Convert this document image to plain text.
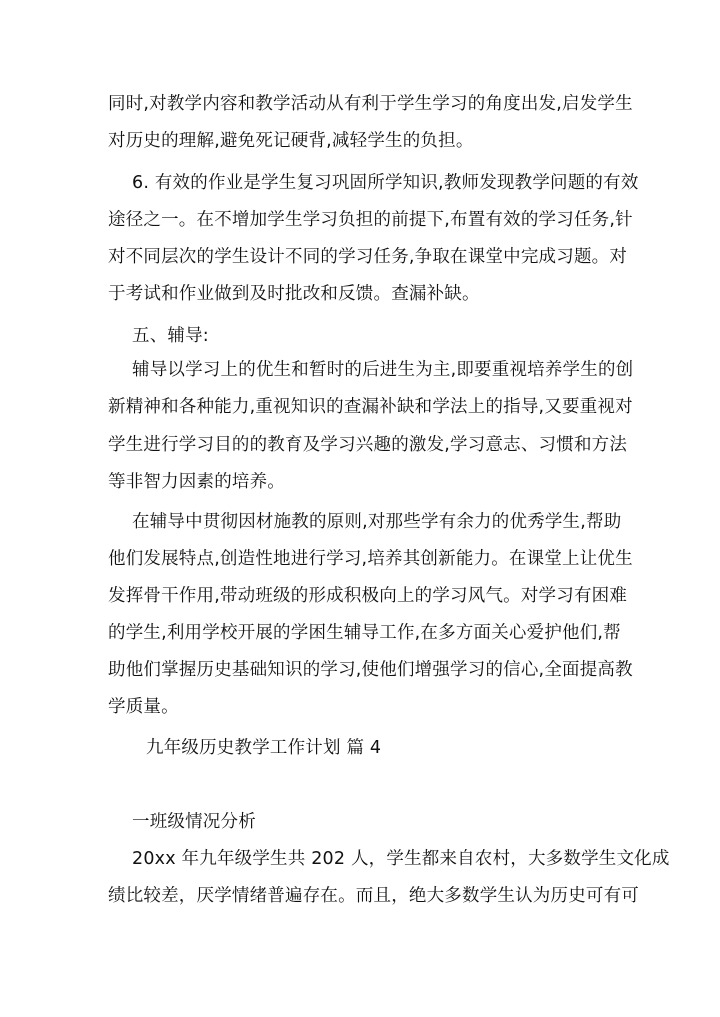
同时,对教学内容和教学活动从有利于学生学习的角度出发,启发学生
对历史的理解,避免死记硬背,减轻学生的负担。
6. 有效的作业是学生复习巩固所学知识,教师发现教学问题的有效
途径之一。在不增加学生学习负担的前提下,布置有效的学习任务,针
对不同层次的学生设计不同的学习任务,争取在课堂中完成习题。对
于考试和作业做到及时批改和反馈。查漏补缺。
五、辅导:
辅导以学习上的优生和暂时的后进生为主,即要重视培养学生的创
新精神和各种能力,重视知识的查漏补缺和学法上的指导,又要重视对
学生进行学习目的的教育及学习兴趣的激发,学习意志、习惯和方法
等非智力因素的培养。
在辅导中贯彻因材施教的原则,对那些学有余力的优秀学生,帮助
他们发展特点,创造性地进行学习,培养其创新能力。在课堂上让优生
发挥骨干作用,带动班级的形成积极向上的学习风气。对学习有困难
的学生,利用学校开展的学困生辅导工作,在多方面关心爱护他们,帮
助他们掌握历史基础知识的学习,使他们增强学习的信心,全面提高教
学质量。
九年级历史教学工作计划 篇 4
一班级情况分析
20xx 年九年级学生共 202 人，学生都来自农村，大多数学生文化成
绩比较差，厌学情绪普遍存在。而且，绝大多数学生认为历史可有可
